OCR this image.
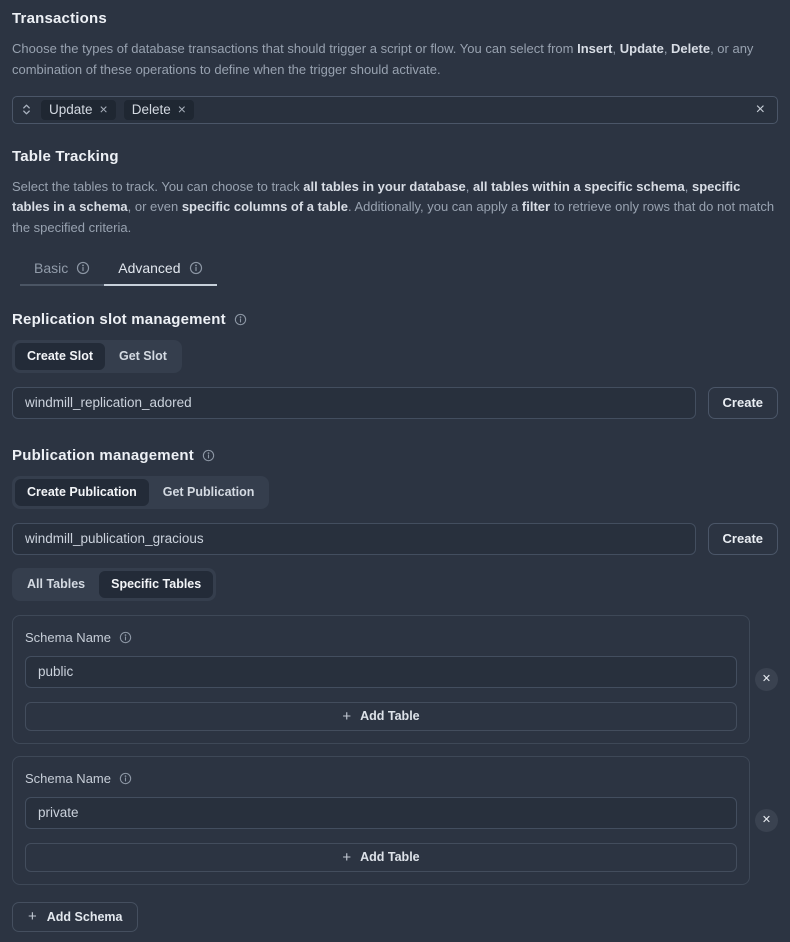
Transactions

Choose the types of database transactions that should trigger a script or flow. You can select from Insert, Update, Delete, or any combination of these operations to define when the trigger should activate.

Update × Delete ×	×
Table Tracking

Select the tables to track. You can choose to track all tables in your database, all tables within a specific schema, specific tables in a schema, or even specific columns of a table. Additionally, you can apply a filter to retrieve only rows that do not match the specified criteria.

Basic	Advanced
Replication slot management
Create Slot	Get Slot
windmill_replication_adored
Create
Publication management
Create Publication	Get Publication
windmill_publication_gracious
Create
All Tables	Specific Tables
Schema Name
public
+ Add Table
✕
Schema Name
private
+ Add Table
✕
+ Add Schema
